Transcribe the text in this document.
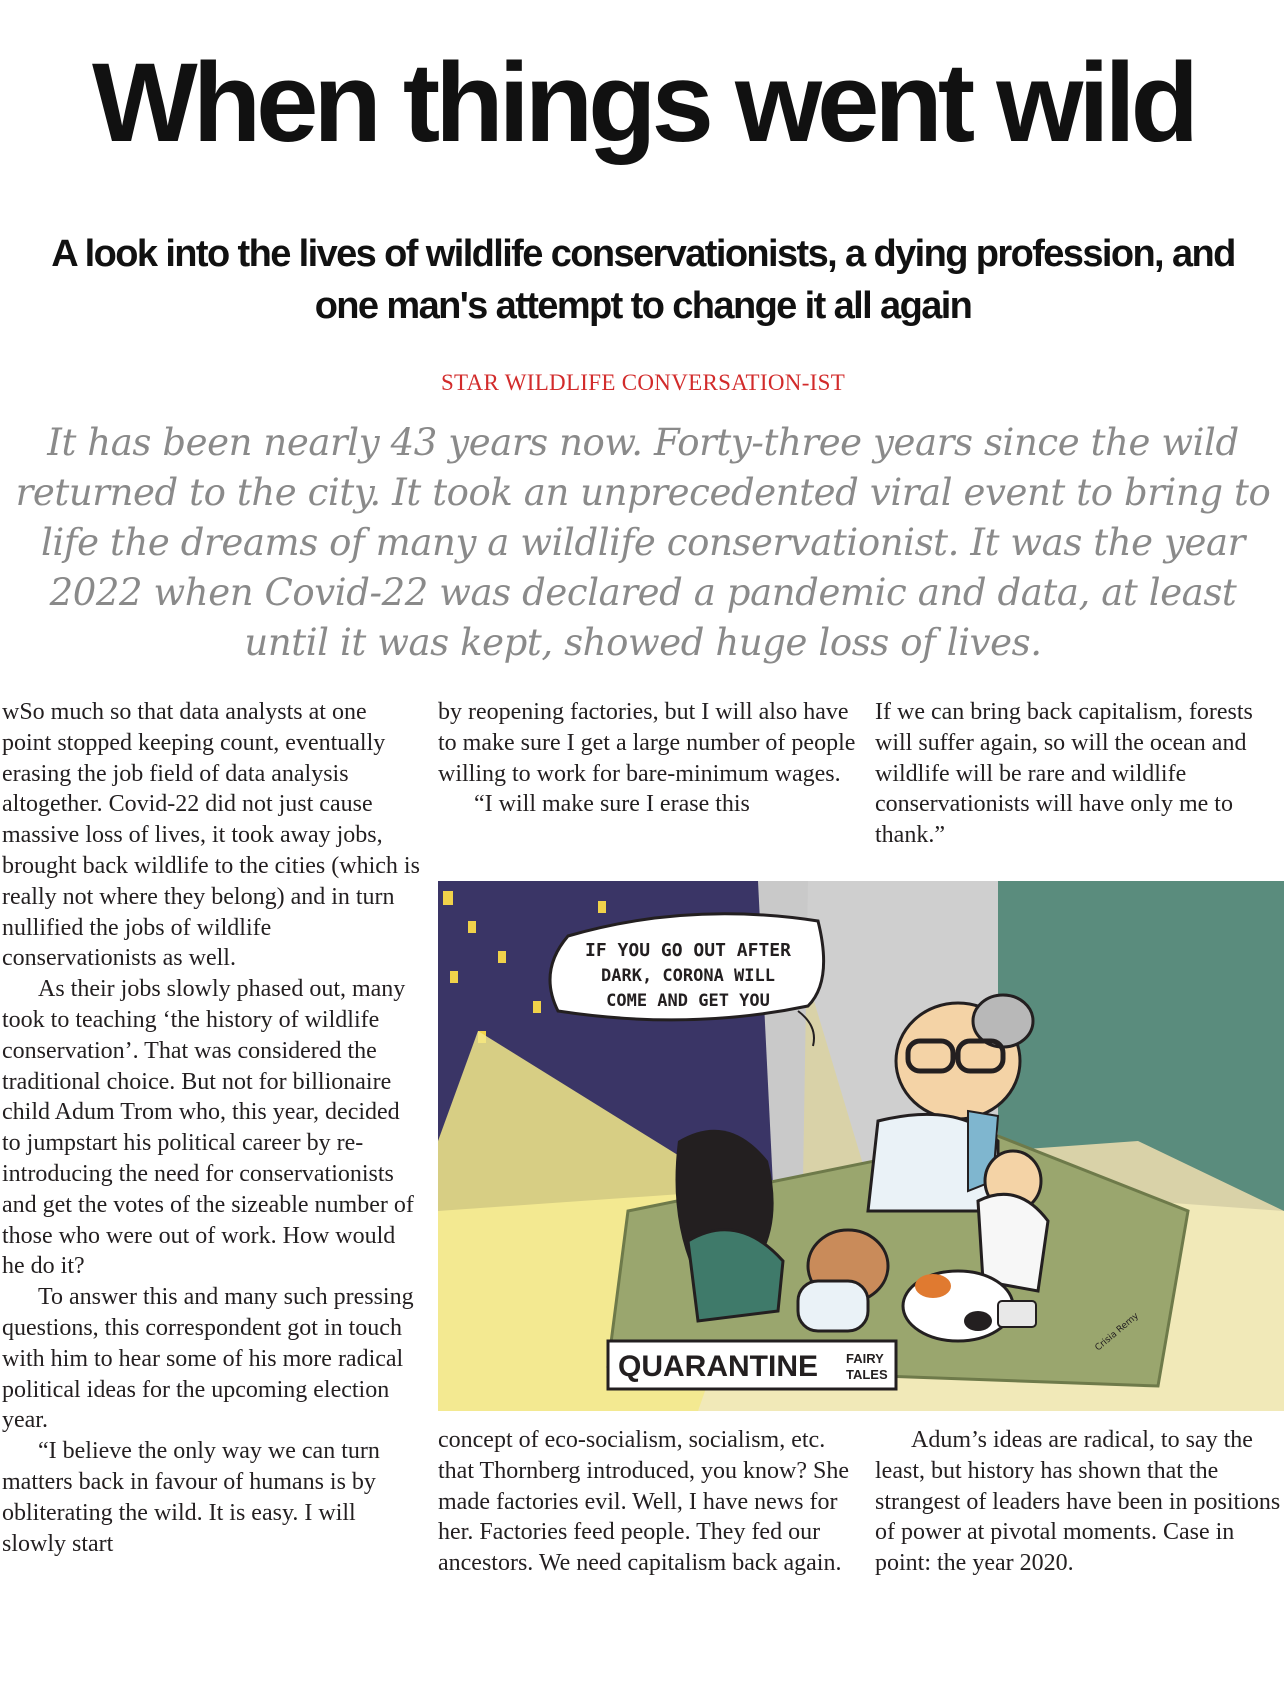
When things went wild
A look into the lives of wildlife conservationists, a dying profession, and one man's attempt to change it all again
STAR WILDLIFE CONVERSATION-IST

It has been nearly 43 years now. Forty-three years since the wild returned to the city. It took an unprecedented viral event to bring to life the dreams of many a wildlife conservationist. It was the year 2022 when Covid-22 was declared a pandemic and data, at least until it was kept, showed huge loss of lives.

wSo much so that data analysts at one point stopped keeping count, eventually erasing the job field of data analysis altogether. Covid-22 did not just cause massive loss of lives, it took away jobs, brought back wildlife to the cities (which is really not where they belong) and in turn nullified the jobs of wildlife conservationists as well.

As their jobs slowly phased out, many took to teaching ‘the history of wildlife conservation’. That was considered the traditional choice. But not for billionaire child Adum Trom who, this year, decided to jumpstart his political career by re-introducing the need for conservationists and get the votes of the sizeable number of those who were out of work. How would he do it?

To answer this and many such pressing questions, this correspondent got in touch with him to hear some of his more radical political ideas for the upcoming election year.

“I believe the only way we can turn matters back in favour of humans is by obliterating the wild. It is easy. I will slowly start

by reopening factories, but I will also have to make sure I get a large number of people willing to work for bare-minimum wages.

“I will make sure I erase this

If we can bring back capitalism, forests will suffer again, so will the ocean and wildlife will be rare and wildlife conservationists will have only me to thank.”

IF YOU GO OUT AFTER
DARK, CORONA WILL
COME AND GET YOU
QUARANTINE FAIRY
TALES
Crisia Remy

concept of eco-socialism, socialism, etc. that Thornberg introduced, you know? She made factories evil. Well, I have news for her. Factories feed people. They fed our ancestors. We need capitalism back again.

Adum’s ideas are radical, to say the least, but history has shown that the strangest of leaders have been in positions of power at pivotal moments. Case in point: the year 2020.
